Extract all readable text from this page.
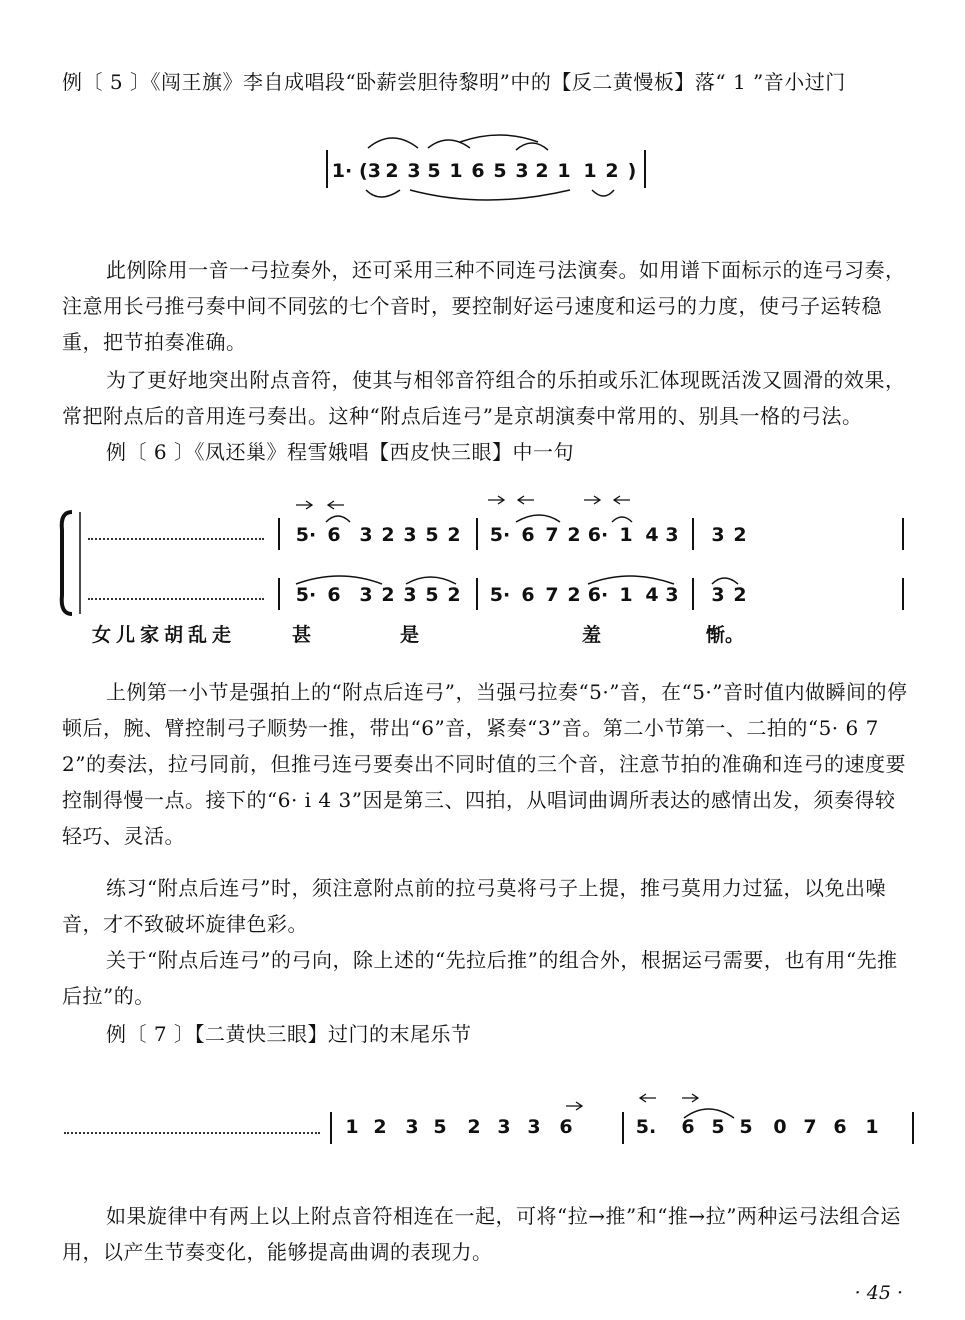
例〔 5 〕《闯王旗》李自成唱段“卧薪尝胆待黎明”中的【反二黄慢板】落“ 1 ”音小过门
1· (3 2 3 5 1 6 5 3 2 1 1 2 )
此例除用一音一弓拉奏外，还可采用三种不同连弓法演奏。如用谱下面标示的连弓习奏，注意用长弓推弓奏中间不同弦的七个音时，要控制好运弓速度和运弓的力度，使弓子运转稳重，把节拍奏准确。
为了更好地突出附点音符，使其与相邻音符组合的乐拍或乐汇体现既活泼又圆滑的效果，常把附点后的音用连弓奏出。这种“附点后连弓”是京胡演奏中常用的、别具一格的弓法。
例〔 6 〕《凤还巢》程雪娥唱【西皮快三眼】中一句
5· 6 3 2 3 5 2 5· 6 7 2 6· 1 4 3 3 2
5· 6 3 2 3 5 2 5· 6 7 2 6· 1 4 3 3 2
女 儿 家 胡 乱 走	甚	是	羞	惭。
上例第一小节是强拍上的“附点后连弓”，当强弓拉奏“5·”音，在“5·”音时值内做瞬间的停顿后，腕、臂控制弓子顺势一推，带出“6”音，紧奏“3”音。第二小节第一、二拍的“5· 6 7 2”的奏法，拉弓同前，但推弓连弓要奏出不同时值的三个音，注意节拍的准确和连弓的速度要控制得慢一点。接下的“6· i 4 3”因是第三、四拍，从唱词曲调所表达的感情出发，须奏得较轻巧、灵活。
练习“附点后连弓”时，须注意附点前的拉弓莫将弓子上提，推弓莫用力过猛，以免出噪音，才不致破坏旋律色彩。
关于“附点后连弓”的弓向，除上述的“先拉后推”的组合外，根据运弓需要，也有用“先推后拉”的。
例〔 7 〕【二黄快三眼】过门的末尾乐节
1 2 3 5 2 3 3 6	5. 6 5 5 0 7 6 1
如果旋律中有两上以上附点音符相连在一起，可将“拉→推”和“推→拉”两种运弓法组合运用，以产生节奏变化，能够提高曲调的表现力。
· 45 ·
